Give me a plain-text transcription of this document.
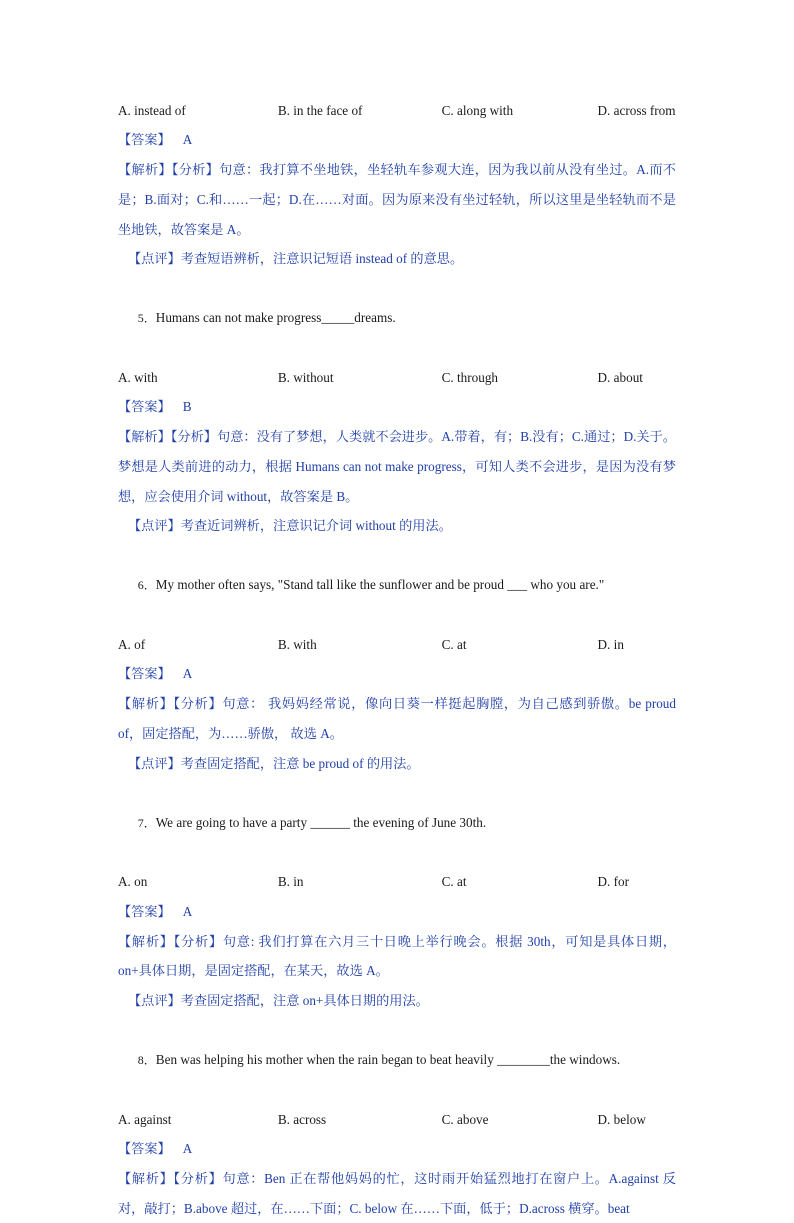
A. instead of	B. in the face of	C. along with	D. across from
【答案】 A
【解析】【分析】句意：我打算不坐地铁，坐轻轨车参观大连，因为我以前从没有坐过。A.而不是；B.面对；C.和……一起；D.在……对面。因为原来没有坐过轻轨，所以这里是坐轻轨而不是坐地铁，故答案是 A。
【点评】考查短语辨析，注意识记短语 instead of 的意思。

5．Humans can not make progress_____dreams.

A. with	B. without	C. through	D. about
【答案】 B
【解析】【分析】句意：没有了梦想，人类就不会进步。A.带着，有；B.没有；C.通过；D.关于。梦想是人类前进的动力，根据 Humans can not make progress，可知人类不会进步，是因为没有梦想，应会使用介词 without，故答案是 B。
【点评】考查近词辨析，注意识记介词 without 的用法。

6．My mother often says, "Stand tall like the sunflower and be proud ___ who you are."

A. of	B. with	C. at	D. in
【答案】 A
【解析】【分析】句意： 我妈妈经常说，像向日葵一样挺起胸膛，为自己感到骄傲。be proud of，固定搭配，为……骄傲， 故选 A。
【点评】考查固定搭配，注意 be proud of 的用法。

7．We are going to have a party ______ the evening of June 30th.

A. on	B. in	C. at	D. for
【答案】 A
【解析】【分析】句意: 我们打算在六月三十日晚上举行晚会。根据 30th，可知是具体日期，on+具体日期，是固定搭配，在某天，故选 A。
【点评】考查固定搭配，注意 on+具体日期的用法。

8．Ben was helping his mother when the rain began to beat heavily ________the windows.

A. against	B. across	C. above	D. below
【答案】 A
【解析】【分析】句意：Ben 正在帮他妈妈的忙，这时雨开始猛烈地打在窗户上。A.against 反对，敲打；B.above 超过，在……下面；C. below 在……下面，低于；D.across 横穿。beat
